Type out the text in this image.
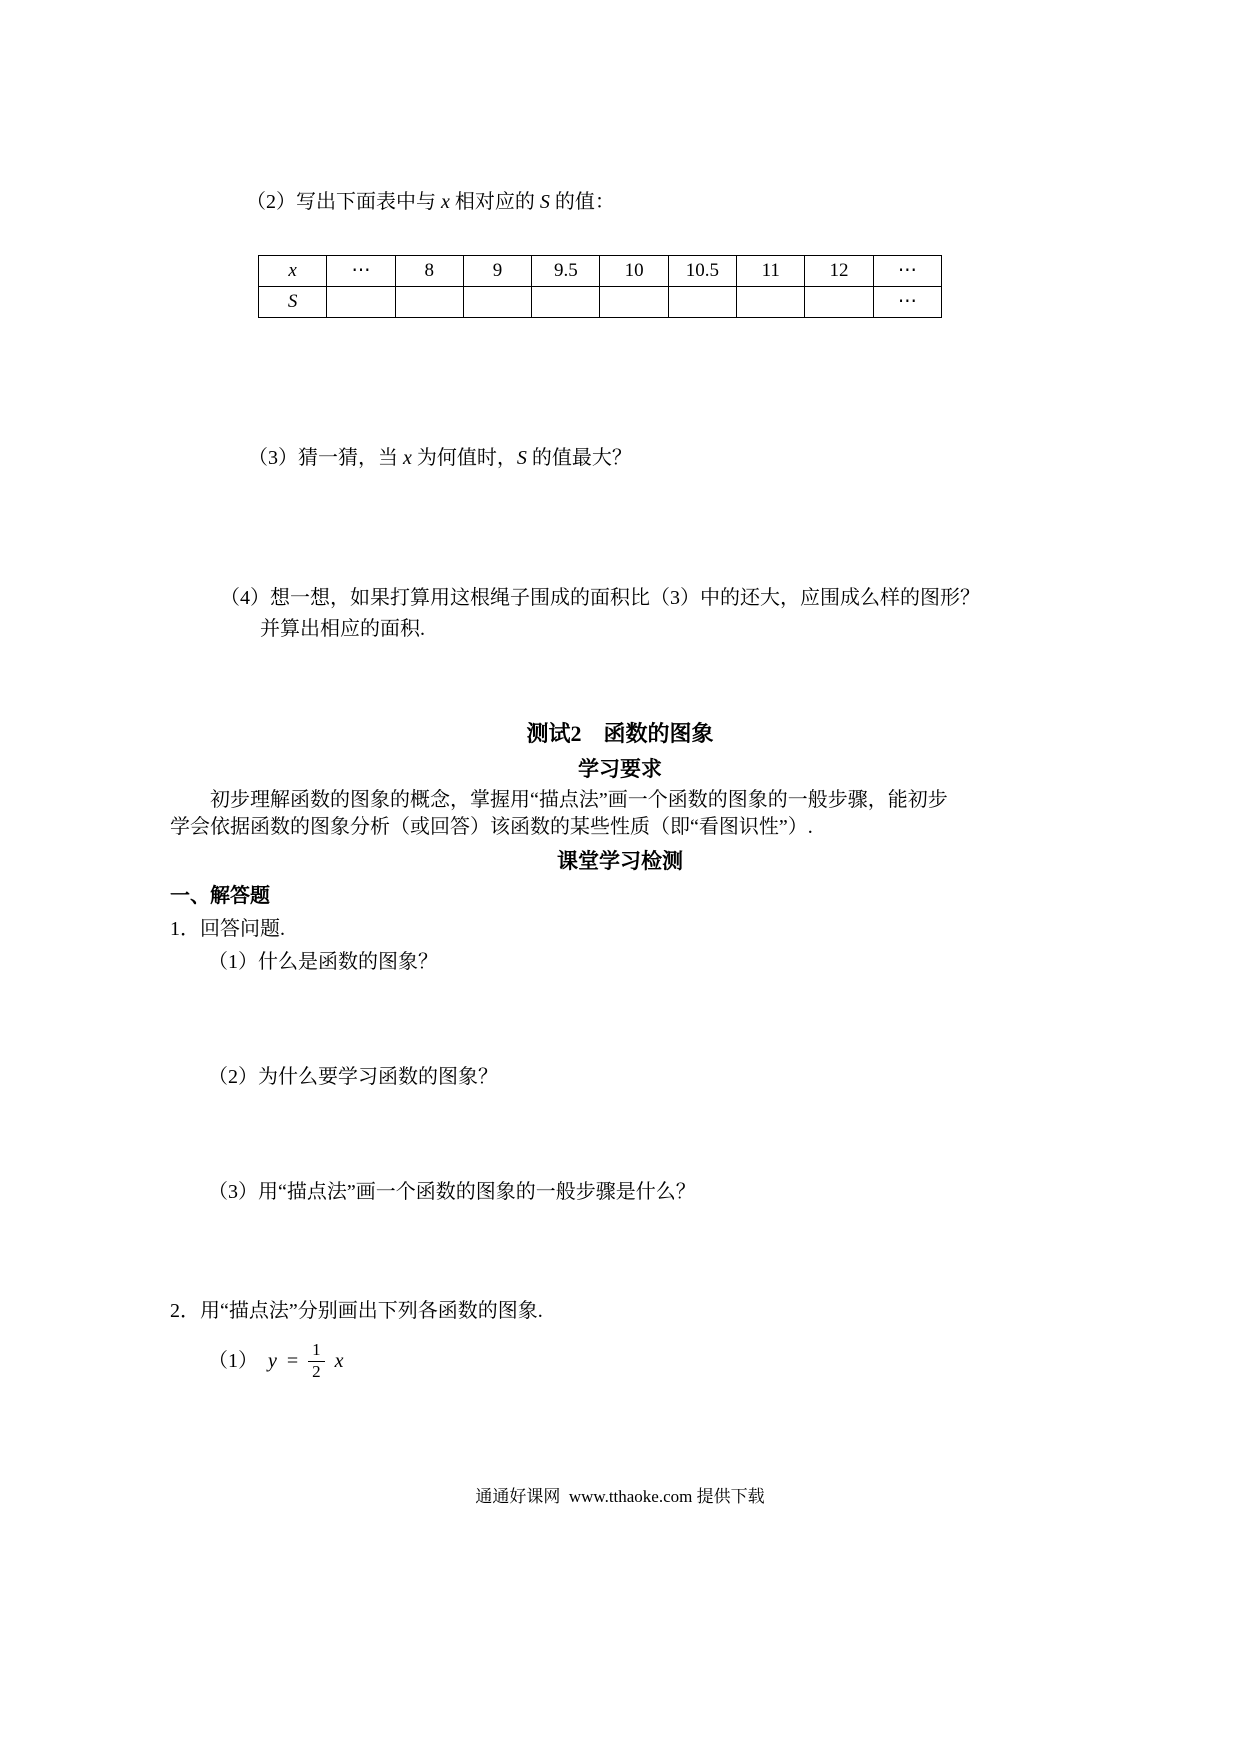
（2）写出下面表中与 x 相对应的 S 的值：

x	⋯	8	9	9.5	10	10.5	11	12	⋯
S									⋯

（3）猜一猜，当 x 为何值时，S 的值最大？

（4）想一想，如果打算用这根绳子围成的面积比（3）中的还大，应围成么样的图形？
并算出相应的面积.
测试2　函数的图象
学习要求
初步理解函数的图象的概念，掌握用“描点法”画一个函数的图象的一般步骤，能初步
学会依据函数的图象分析（或回答）该函数的某些性质（即“看图识性”）.
课堂学习检测
一、解答题
1．回答问题.
（1）什么是函数的图象？
（2）为什么要学习函数的图象？
（3）用“描点法”画一个函数的图象的一般步骤是什么？
2．用“描点法”分别画出下列各函数的图象.
（1） $y = \frac{1}{2}$ x
通通好课网  www.tthaoke.com 提供下载
